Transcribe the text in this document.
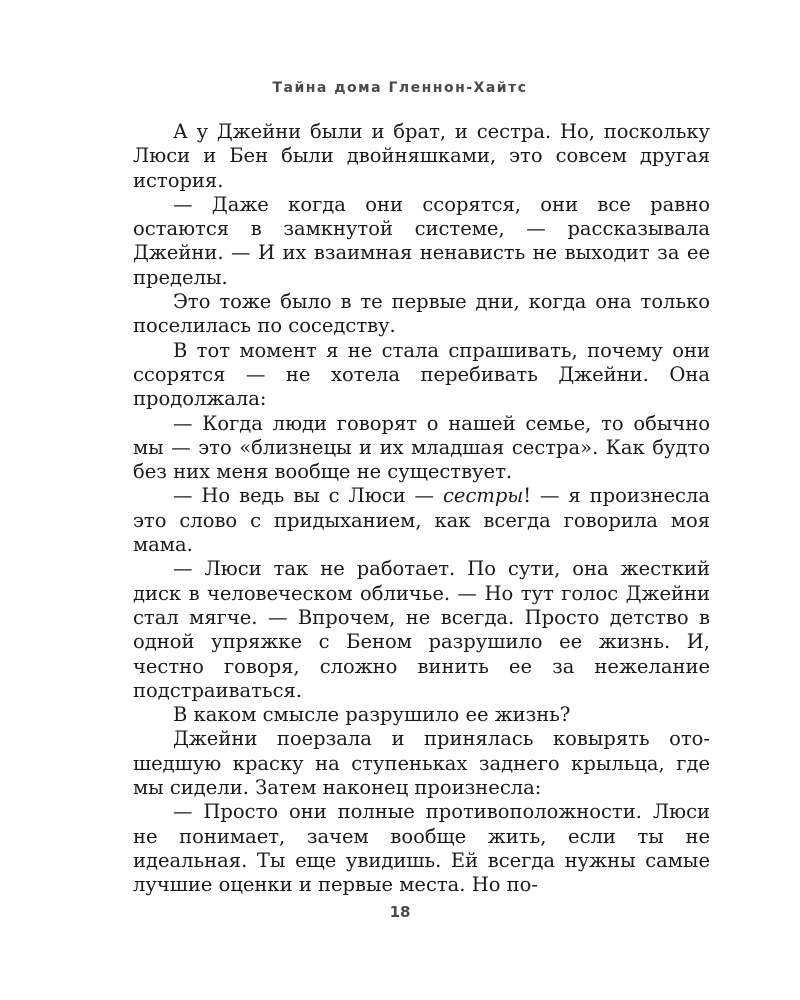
Тайна дома Гленнон-Хайтс

А у Джейни были и брат, и сестра. Но, поскольку Люси и Бен были двойняшками, это совсем другая история.

— Даже когда они ссорятся, они все равно остаются в замкнутой системе, — рассказывала Джейни. — И их взаимная ненависть не выходит за ее пределы.

Это тоже было в те первые дни, когда она только поселилась по соседству.

В тот момент я не стала спрашивать, почему они ссорятся — не хотела перебивать Джейни. Она продолжала:

— Когда люди говорят о нашей семье, то обычно мы — это «близнецы и их младшая сестра». Как будто без них меня вообще не существует.

— Но ведь вы с Люси — сестры! — я произнесла это слово с придыханием, как всегда говорила моя мама.

— Люси так не работает. По сути, она жесткий диск в человеческом обличье. — Но тут голос Джейни стал мягче. — Впрочем, не всегда. Просто детство в одной упряжке с Беном разрушило ее жизнь. И, честно говоря, сложно винить ее за нежелание подстраиваться.

В каком смысле разрушило ее жизнь?

Джейни поерзала и принялась ковырять отошедшую краску на ступеньках заднего крыльца, где мы сидели. Затем наконец произнесла:

— Просто они полные противоположности. Люси не понимает, зачем вообще жить, если ты не идеальная. Ты еще увидишь. Ей всегда нужны самые лучшие оценки и первые места. Но по-

18
